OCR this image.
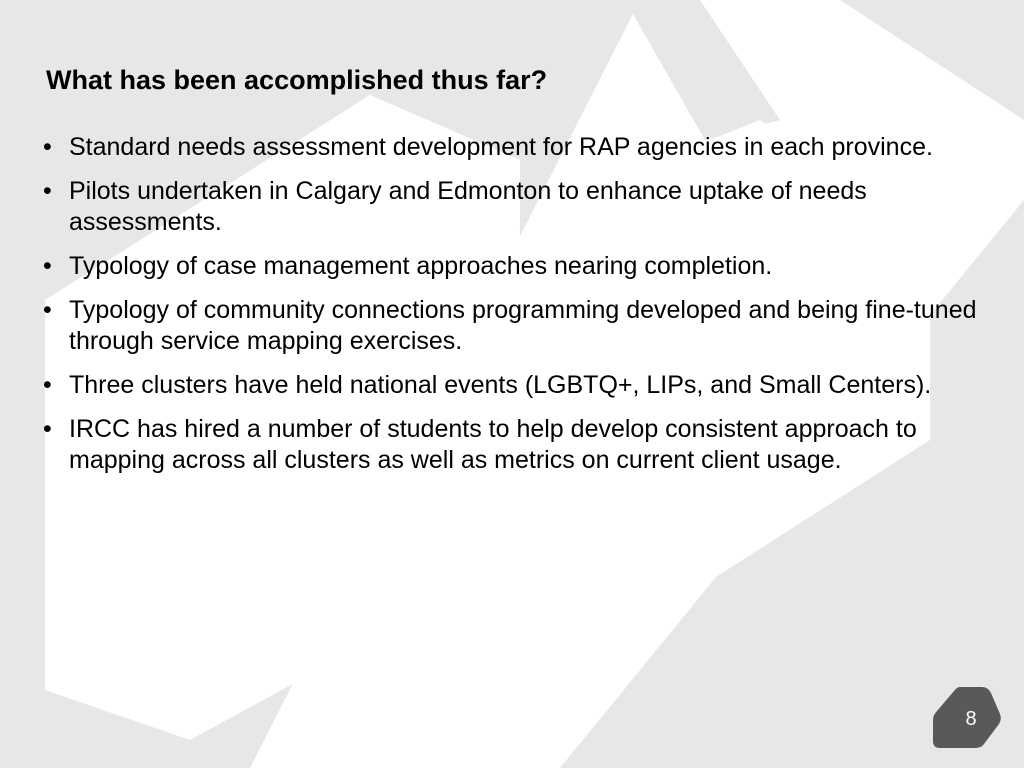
What has been accomplished thus far?
• Standard needs assessment development for RAP agencies in each province.
• Pilots undertaken in Calgary and Edmonton to enhance uptake of needs assessments.
• Typology of case management approaches nearing completion.
• Typology of community connections programming developed and being fine-tuned through service mapping exercises.
• Three clusters have held national events (LGBTQ+, LIPs, and Small Centers).
• IRCC has hired a number of students to help develop consistent approach to mapping across all clusters as well as metrics on current client usage.
8
